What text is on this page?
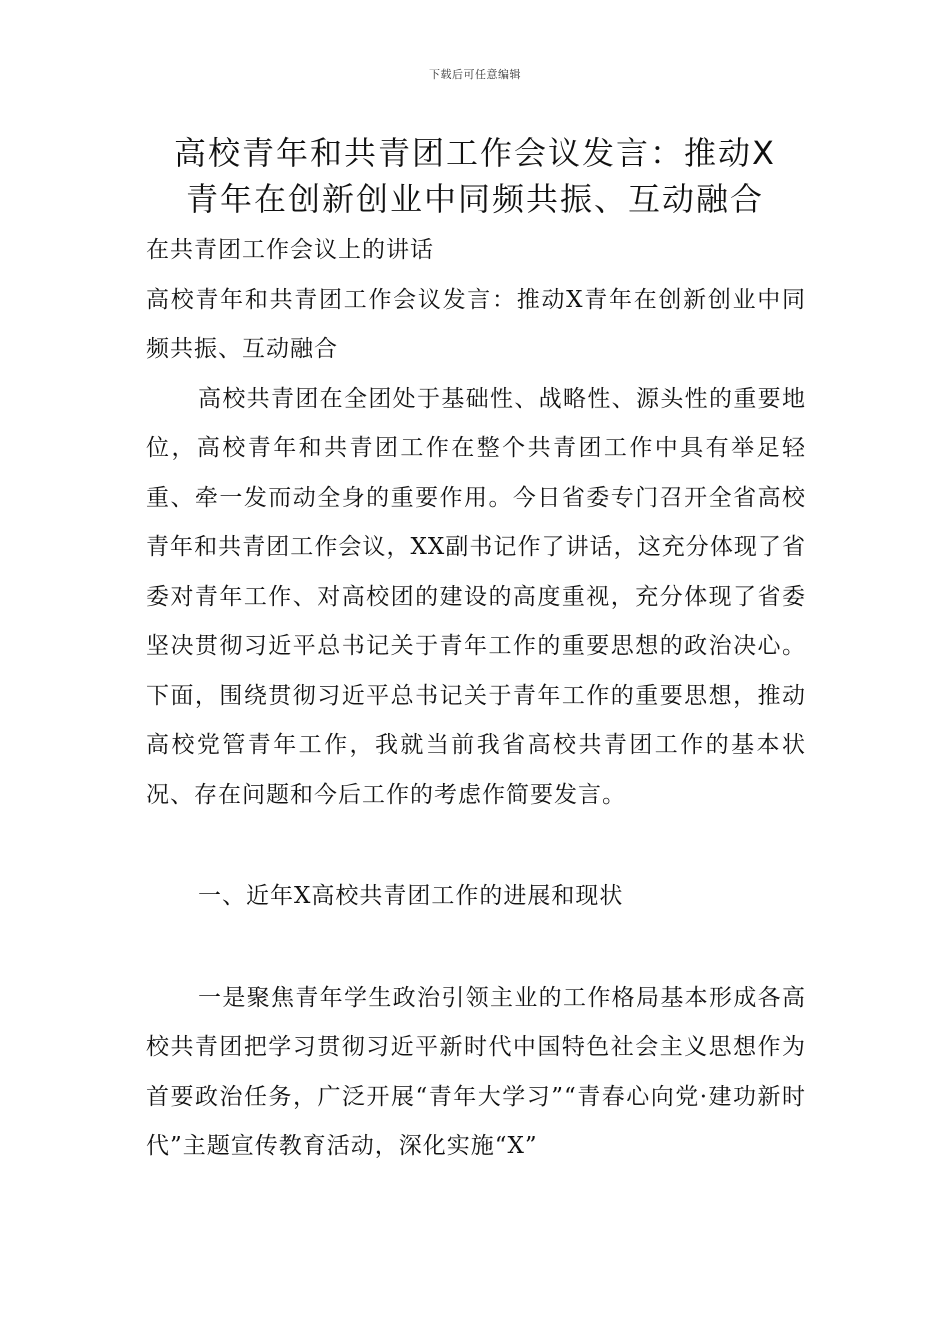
下载后可任意编辑
高校青年和共青团工作会议发言：推动X
青年在创新创业中同频共振、互动融合

在共青团工作会议上的讲话

高校青年和共青团工作会议发言：推动X青年在创新创业中同频共振、互动融合

高校共青团在全团处于基础性、战略性、源头性的重要地位，高校青年和共青团工作在整个共青团工作中具有举足轻重、牵一发而动全身的重要作用。今日省委专门召开全省高校青年和共青团工作会议，XX副书记作了讲话，这充分体现了省委对青年工作、对高校团的建设的高度重视，充分体现了省委坚决贯彻习近平总书记关于青年工作的重要思想的政治决心。下面，围绕贯彻习近平总书记关于青年工作的重要思想，推动高校党管青年工作，我就当前我省高校共青团工作的基本状况、存在问题和今后工作的考虑作简要发言。

一、近年X高校共青团工作的进展和现状

一是聚焦青年学生政治引领主业的工作格局基本形成各高校共青团把学习贯彻习近平新时代中国特色社会主义思想作为首要政治任务，广泛开展“青年大学习”“青春心向党·建功新时代”主题宣传教育活动，深化实施“X”
